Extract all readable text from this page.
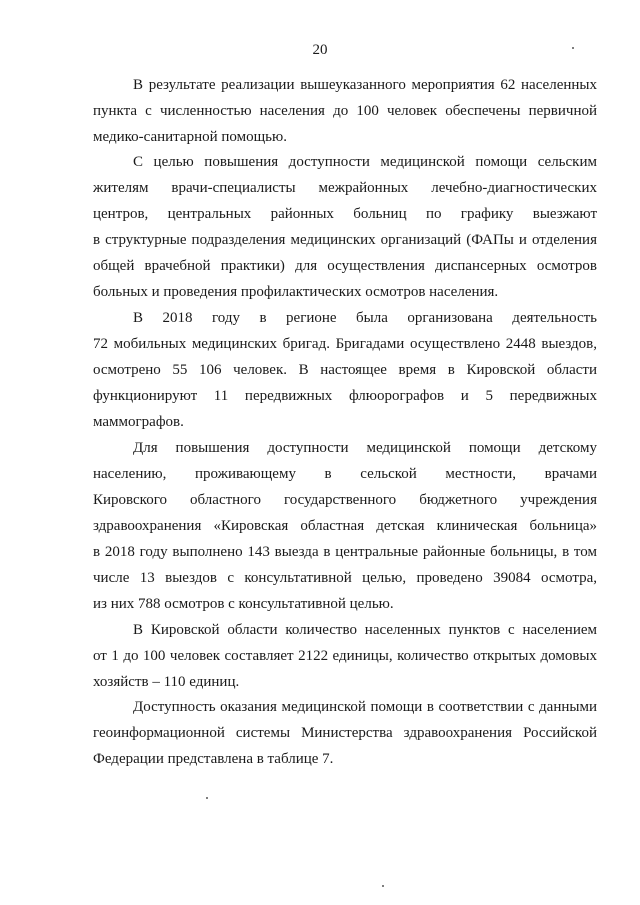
20
В результате реализации вышеуказанного мероприятия 62 населенных
пункта с численностью населения до 100 человек обеспечены первичной
медико-санитарной помощью.
С целью повышения доступности медицинской помощи сельским
жителям врачи-специалисты межрайонных лечебно-диагностических
центров, центральных районных больниц по графику выезжают
в структурные подразделения медицинских организаций (ФАПы и отделения
общей врачебной практики) для осуществления диспансерных осмотров
больных и проведения профилактических осмотров населения.
В 2018 году в регионе была организована деятельность
72 мобильных медицинских бригад. Бригадами осуществлено 2448 выездов,
осмотрено 55 106 человек. В настоящее время в Кировской области
функционируют 11 передвижных флюорографов и 5 передвижных
маммографов.
Для повышения доступности медицинской помощи детскому
населению, проживающему в сельской местности, врачами
Кировского областного государственного бюджетного учреждения
здравоохранения «Кировская областная детская клиническая больница»
в 2018 году выполнено 143 выезда в центральные районные больницы, в том
числе 13 выездов с консультативной целью, проведено 39084 осмотра,
из них 788 осмотров с консультативной целью.
В Кировской области количество населенных пунктов с населением
от 1 до 100 человек составляет 2122 единицы, количество открытых домовых
хозяйств – 110 единиц.
Доступность оказания медицинской помощи в соответствии с данными
геоинформационной системы Министерства здравоохранения Российской
Федерации представлена в таблице 7.
